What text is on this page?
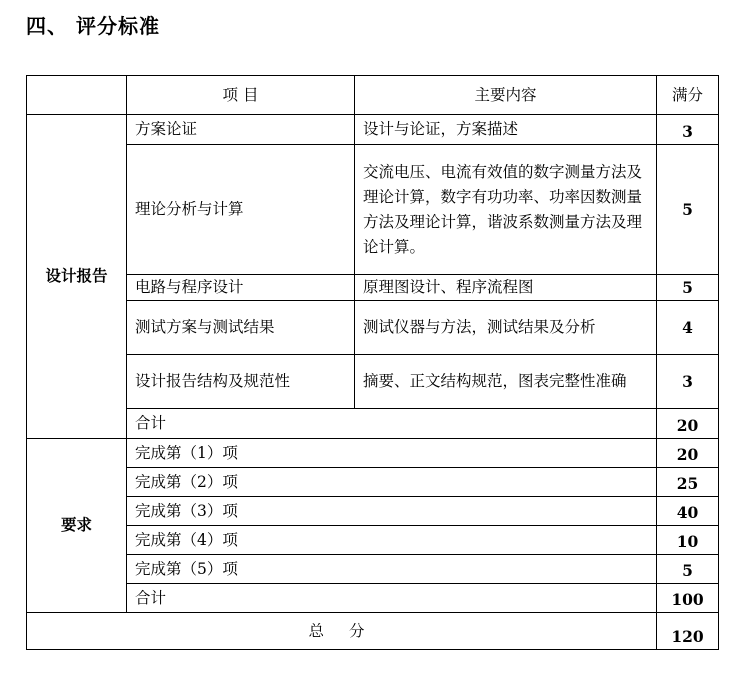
四、 评分标准
	项 目	主要内容	满分
设计报告	方案论证	设计与论证，方案描述	3
	理论分析与计算	交流电压、电流有效值的数字测量方法及理论计算，数字有功功率、功率因数测量方法及理论计算，谐波系数测量方法及理论计算。	5
	电路与程序设计	原理图设计、程序流程图	5
	测试方案与测试结果	测试仪器与方法，测试结果及分析	4
	设计报告结构及规范性	摘要、正文结构规范，图表完整性准确	3
	合计		20
要求	完成第（1）项		20
	完成第（2）项		25
	完成第（3）项		40
	完成第（4）项		10
	完成第（5）项		5
	合计		100
总 分			120
